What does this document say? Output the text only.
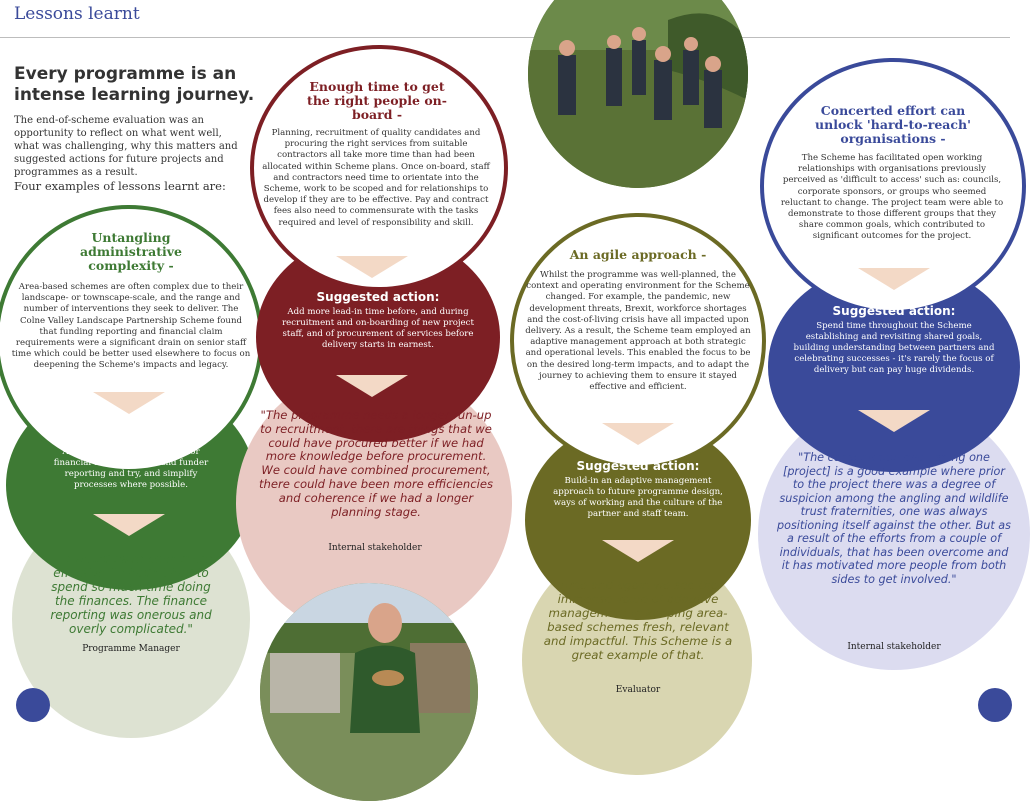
Lessons learnt
Every programme is an intense learning journey.
The end-of-scheme evaluation was an opportunity to reflect on what went well, what was challenging, why this matters and suggested actions for future projects and programmes as a result.
Four examples of lessons learnt are:
Untangling administrative complexity -
Area-based schemes are often complex due to their landscape- or townscape-scale, and the range and number of interventions they seek to deliver. The Colne Valley Landscape Partnership Scheme found that funding reporting and financial claim requirements were a significant drain on senior staff time which could be better used elsewhere to focus on deepening the Scheme's impacts and legacy.
Suggested action:
Allocate dedicated resource for financial administration and funder reporting and try, and simplify processes where possible.
"...I would have been more effective if I hadn't had to spend so much time doing the finances. The finance reporting was onerous and overly complicated."
Programme Manager
Enough time to get the right people on-board -
Planning, recruitment of quality candidates and procuring the right services from suitable contractors all take more time than had been allocated within Scheme plans. Once on-board, staff and contractors need time to orientate into the Scheme, work to be scoped and for relationships to develop if they are to be effective. Pay and contract fees also need to commensurate with the tasks required and level of responsibility and skill.
Suggested action:
Add more lead-in time before, and during recruitment and on-boarding of new project staff, and of procurement of services before delivery starts in earnest.
"The programme needs a longer run-up to recruitment, there are things that we could have procured better if we had more knowledge before procurement. We could have combined procurement, there could have been more efficiencies and coherence if we had a longer planning stage.
Internal stakeholder
An agile approach -
Whilst the programme was well-planned, the context and operating environment for the Scheme changed. For example, the pandemic, new development threats, Brexit, workforce shortages and the cost-of-living crisis have all impacted upon delivery. As a result, the Scheme team employed an adaptive management approach at both strategic and operational levels. This enabled the focus to be on the desired long-term impacts, and to adapt the journey to achieving them to ensure it stayed effective and efficient.
Suggested action:
Build-in an adaptive management approach to future programme design, ways of working and the culture of the partner and staff team.
Time and again we see the immense value of adaptive management in keeping area-based schemes fresh, relevant and impactful. This Scheme is a great example of that.
Evaluator
Concerted effort can unlock 'hard-to-reach' organisations -
The Scheme has facilitated open working relationships with organisations previously perceived as 'difficult to access' such as: councils, corporate sponsors, or groups who seemed reluctant to change. The project team were able to demonstrate to those different groups that they share common goals, which contributed to significant outcomes for the project.
Suggested action:
Spend time throughout the Scheme establishing and revisiting shared goals, building understanding between partners and celebrating successes - it's rarely the focus of delivery but can pay huge dividends.
"The conservation and fishing one [project] is a good example where prior to the project there was a degree of suspicion among the angling and wildlife trust fraternities, one was always positioning itself against the other. But as a result of the efforts from a couple of individuals, that has been overcome and it has motivated more people from both sides to get involved."
Internal stakeholder
